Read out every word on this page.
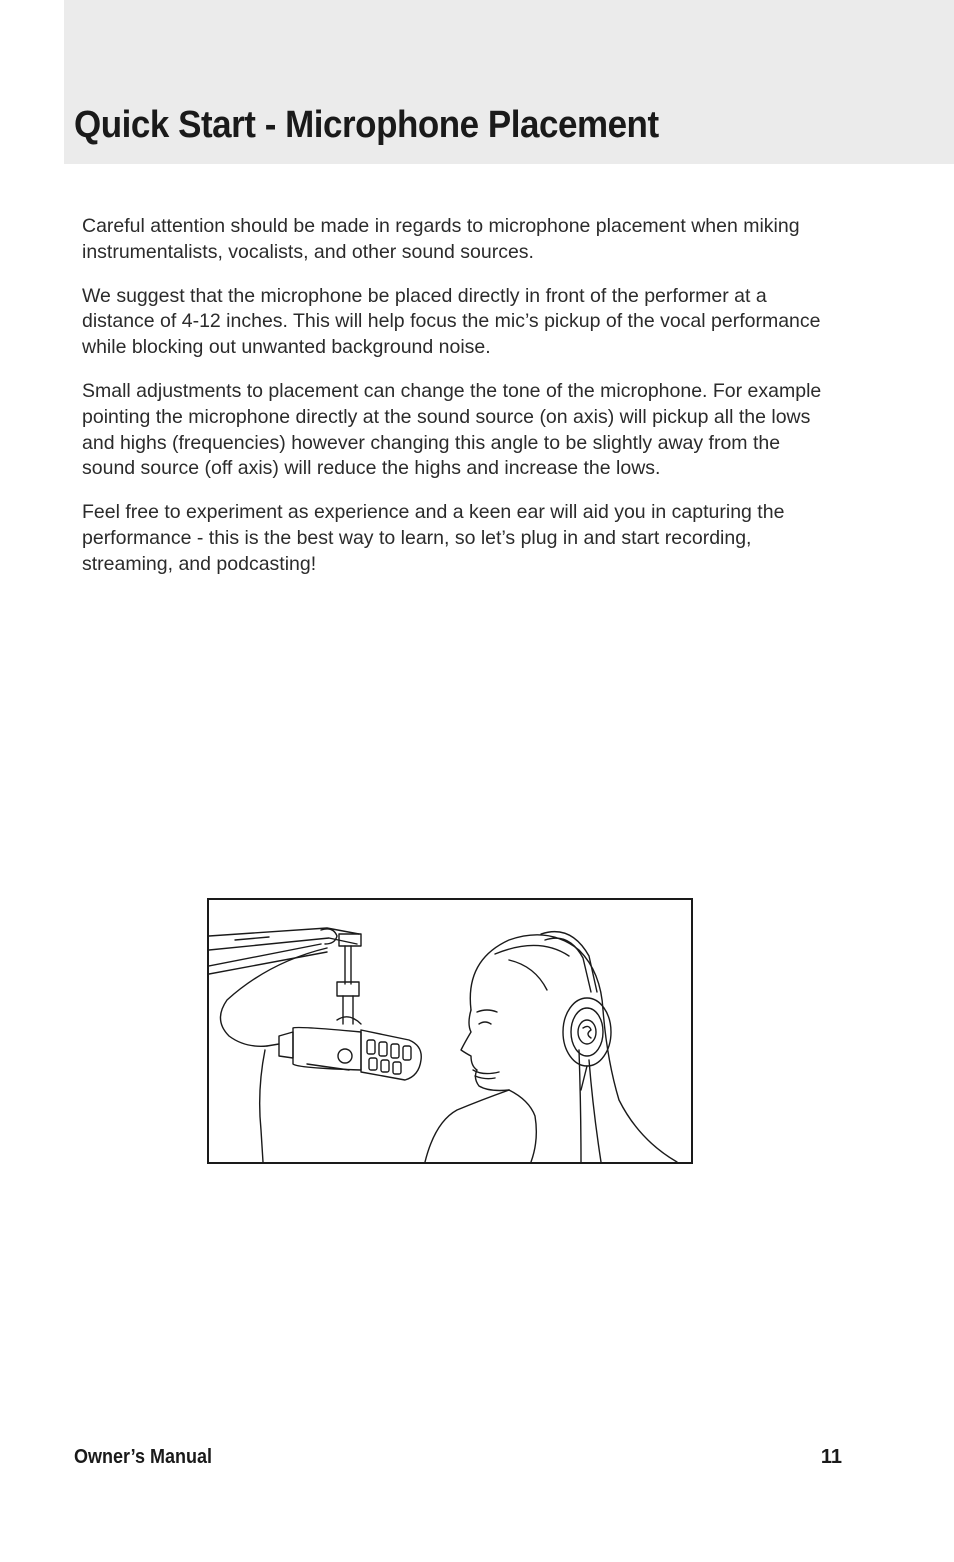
Quick Start - Microphone Placement

Careful attention should be made in regards to microphone placement when miking instrumentalists, vocalists, and other sound sources.

We suggest that the microphone be placed directly in front of the performer at a distance of 4-12 inches. This will help focus the mic’s pickup of the vocal performance while blocking out unwanted background noise.

Small adjustments to placement can change the tone of the microphone. For example pointing the microphone directly at the sound source (on axis) will pickup all the lows and highs (frequencies) however changing this angle to be slightly away from the sound source (off axis) will reduce the highs and increase the lows.

Feel free to experiment as experience and a keen ear will aid you in capturing the performance - this is the best way to learn, so let’s plug in and start recording, streaming, and podcasting!

Owner’s Manual	11
